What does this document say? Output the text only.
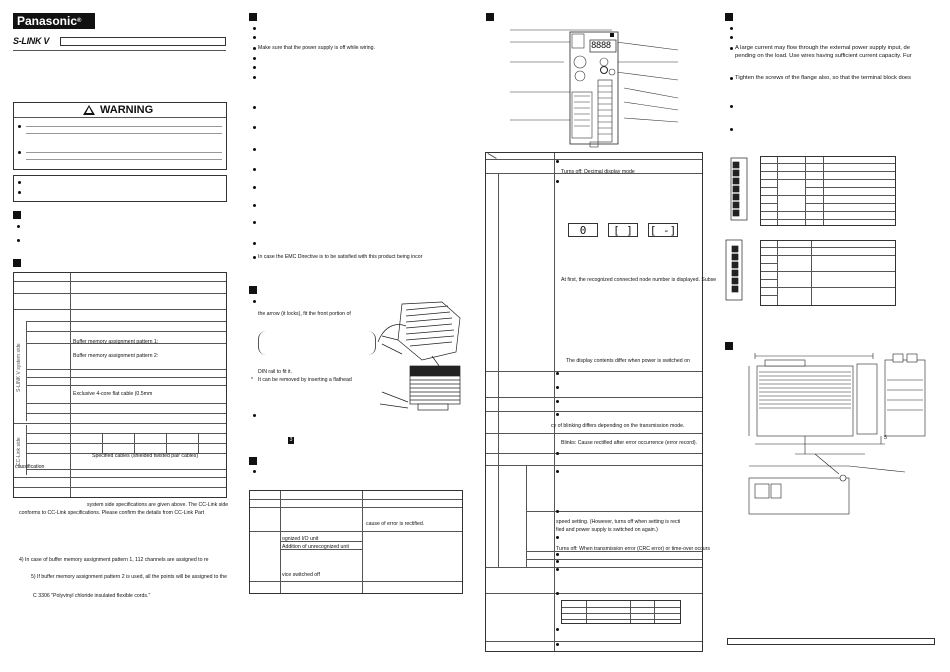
Panasonic®
S-LINK V
WARNING
Buffer memory assignment pattern 1:
Buffer memory assignment pattern 2:
Exclusive 4-core flat cable (0.5mm
Specified cables (shielded twisted pair cables)
classification
S-LINK V system side
CC-Link side
system side specifications are given above. The CC-Link side
conforms to CC-Link specifications. Please confirm the details from CC-Link Part
4) In case of buffer memory assignment pattern 1, 112 channels are assigned to re
5) If buffer memory assignment pattern 2 is used, all the points will be assigned to the
C 3306 "Polyvinyl chloride insulated flexible cords."
Make sure that the power supply is off while wiring.
In case the EMC Directive is to be satisfied with this product being incor
the arrow (it locks), fit the front portion of
DIN rail to fit it.
* It can be removed by inserting a flathead
3
cause of error is rectified.
ognized I/O unit
Addition of unrecognized unit
vice switched off
8888
Turns off: Decimal display mode
0	[ ]	[ -]
At first, the recognized connected node number is displayed. Subse
The display contents differ when power is switched on
cy of blinking differs depending on the transmission mode.
Blinks: Cause rectified after error occurrence (error record).
speed setting. (However, turns off when setting is recti
fied and power supply is switched on again.)
Turns off: When transmission error (CRC error) or time-over occurs
A large current may flow through the external power supply input, de
pending on the load. Use wires having sufficient current capacity. Fur
Tighten the screws of the flange also, so that the terminal block does
5
